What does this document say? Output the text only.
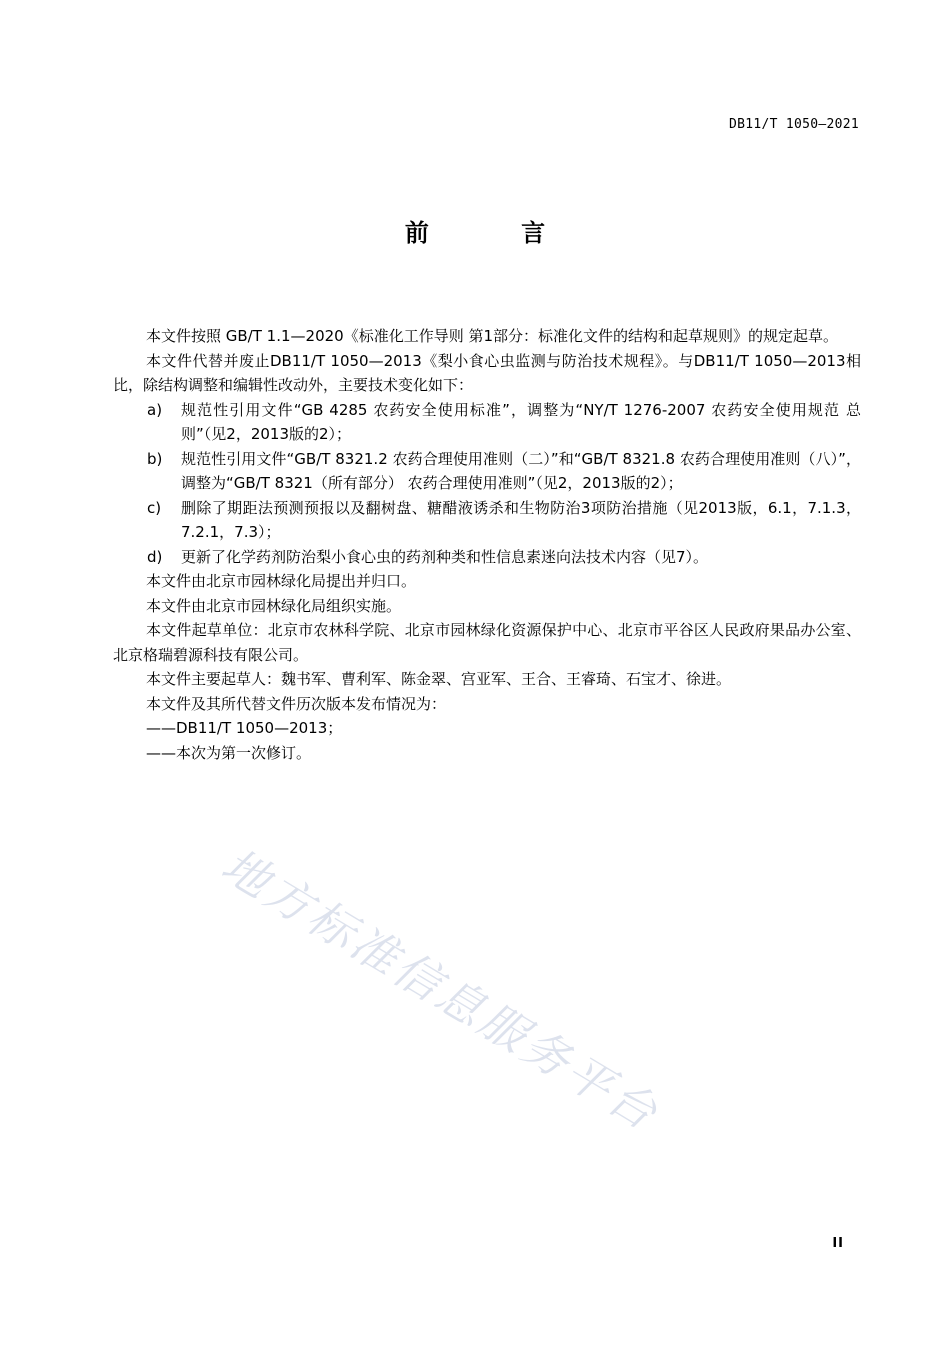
DB11/T 1050—2021
前 言

本文件按照 GB/T 1.1—2020《标准化工作导则 第1部分：标准化文件的结构和起草规则》的规定起草。

本文件代替并废止DB11/T 1050—2013《梨小食心虫监测与防治技术规程》。与DB11/T 1050—2013相比，除结构调整和编辑性改动外，主要技术变化如下：

a) 规范性引用文件“GB 4285 农药安全使用标准”，调整为“NY/T 1276-2007 农药安全使用规范 总则”（见2，2013版的2）；
b) 规范性引用文件“GB/T 8321.2 农药合理使用准则（二）”和“GB/T 8321.8 农药合理使用准则（八）”，调整为“GB/T 8321（所有部分） 农药合理使用准则”（见2，2013版的2）；
c) 删除了期距法预测预报以及翻树盘、糖醋液诱杀和生物防治3项防治措施（见2013版，6.1，7.1.3，7.2.1，7.3）；
d) 更新了化学药剂防治梨小食心虫的药剂种类和性信息素迷向法技术内容（见7）。

本文件由北京市园林绿化局提出并归口。

本文件由北京市园林绿化局组织实施。

本文件起草单位：北京市农林科学院、北京市园林绿化资源保护中心、北京市平谷区人民政府果品办公室、北京格瑞碧源科技有限公司。

本文件主要起草人：魏书军、曹利军、陈金翠、宫亚军、王合、王睿琦、石宝才、徐进。

本文件及其所代替文件历次版本发布情况为：

——DB11/T 1050—2013；

——本次为第一次修订。

地方标准信息服务平台
II
